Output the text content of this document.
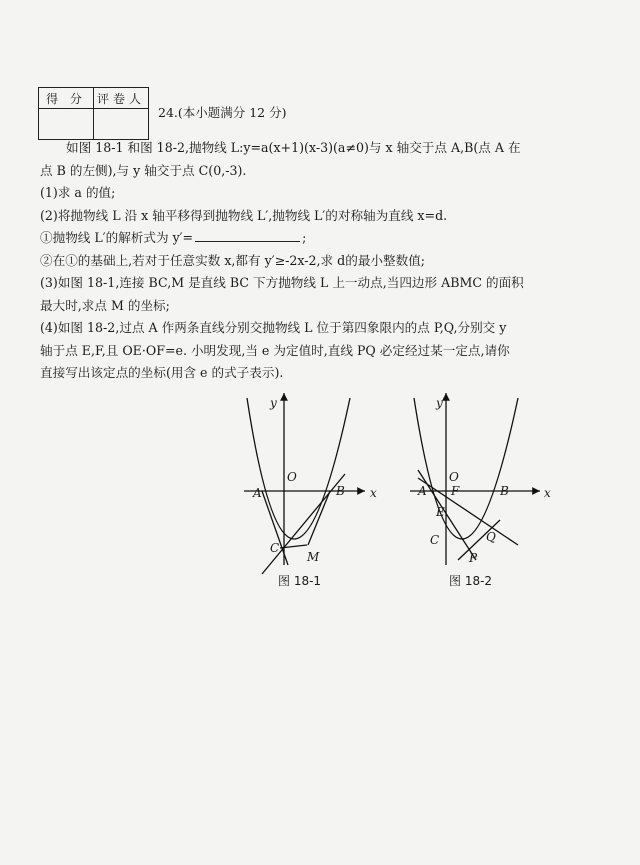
得 分	评卷人

24.(本小题满分 12 分)

如图 18-1 和图 18-2,抛物线 L:y=a(x+1)(x-3)(a≠0)与 x 轴交于点 A,B(点 A 在

点 B 的左侧),与 y 轴交于点 C(0,-3).

(1)求 a 的值;

(2)将抛物线 L 沿 x 轴平移得到抛物线 L′,抛物线 L′的对称轴为直线 x=d.

①抛物线 L′的解析式为 y′=	;

②在①的基础上,若对于任意实数 x,都有 y′≥-2x-2,求 d的最小整数值;

(3)如图 18-1,连接 BC,M 是直线 BC 下方抛物线 L 上一动点,当四边形 ABMC 的面积

最大时,求点 M 的坐标;

(4)如图 18-2,过点 A 作两条直线分别交抛物线 L 位于第四象限内的点 P,Q,分别交 y

轴于点 E,F,且 OE·OF=e. 小明发现,当 e 为定值时,直线 PQ 必定经过某一定点,请你

直接写出该定点的坐标(用含 e 的式子表示).

y
x
O
A	B
C
M
图 18-1
y
x
O
A	B
C
E
F
P
Q
图 18-2
